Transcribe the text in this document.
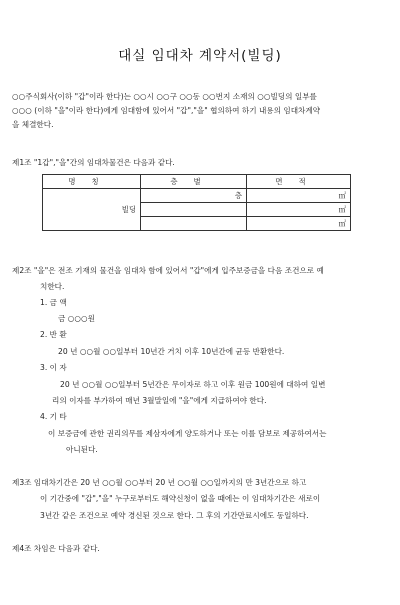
대실 임대차 계약서(빌딩)
○○주식회사(이하 "갑"이라 한다)는 ○○시 ○○구 ○○동 ○○번지 소재의 ○○빌딩의 일부를
○○○ (이하 "을"이라 한다)에게 임대함에 있어서 "갑","을" 협의하여 하기 내용의 임대차계약
을 체결한다.
제1조 "1갑","을"간의 임대차물건은 다음과 같다.
명칭	층별	면적
빌딩	층	㎡
		㎡
		㎡
제2조 "을"은 전조 기재의 물건을 임대차 함에 있어서 "갑"에게 입주보증금을 다음 조건으로 예
치한다.
1. 금 액
금 ○○○원
2. 반 환
20 년 ○○월 ○○일부터 10년간 거치 이후 10년간에 균등 반환한다.
3. 이 자
20 년 ○○월 ○○일부터 5년간은 무이자로 하고 이후 원금 100원에 대하여 일변
리의 이자를 부가하여 매년 3월말일에 "을"에게 지급하여야 한다.
4. 기 타
이 보증금에 관한 권리의무를 제삼자에게 양도하거나 또는 이를 담보로 제공하여서는
아니된다.
제3조 임대차기간은 20 년 ○○월 ○○부터 20 년 ○○월 ○○일까지의 만 3년간으로 하고
이 기간중에 "갑","을" 누구로부터도 해약신청이 없을 때에는 이 임대차기간은 새로이
3년간 같은 조건으로 예약 경신된 것으로 한다. 그 후의 기간만료시에도 동일하다.
제4조 차임은 다음과 같다.
